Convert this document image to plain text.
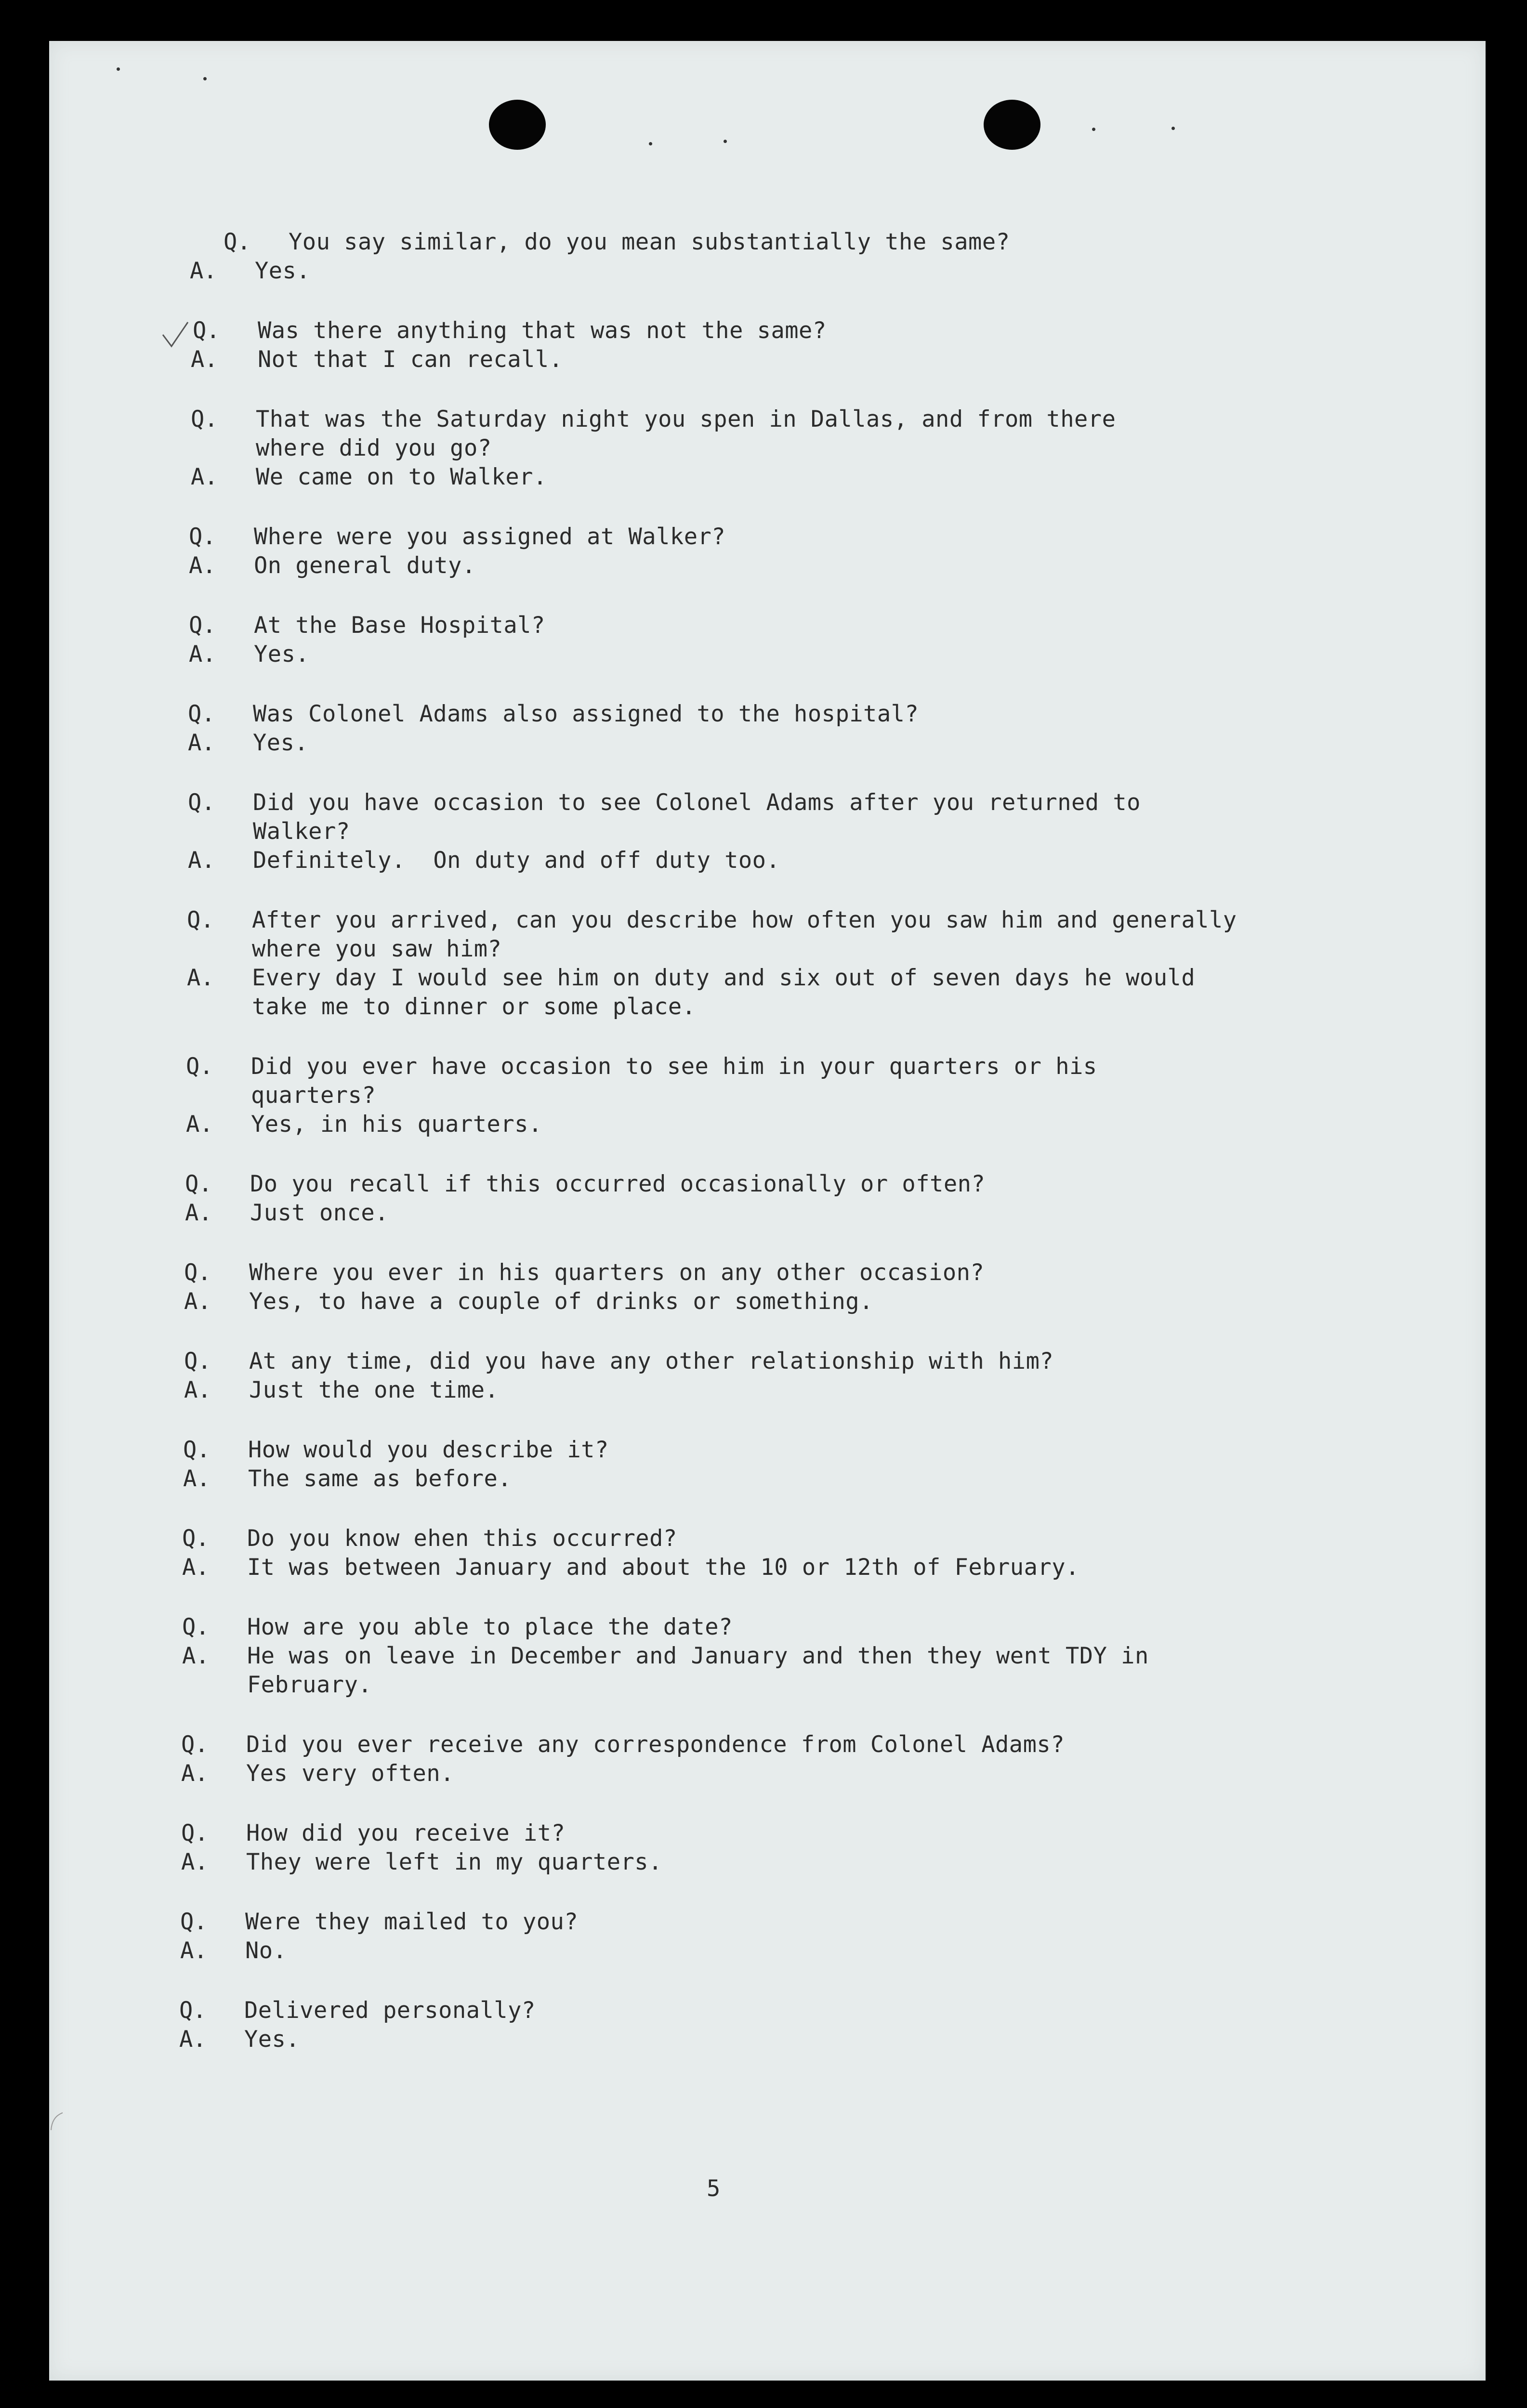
Q. You say similar, do you mean substantially the same?
A. Yes.
Q. Was there anything that was not the same?
A. Not that I can recall.
Q. That was the Saturday night you spen in Dallas, and from there
where did you go?
A. We came on to Walker.
Q. Where were you assigned at Walker?
A. On general duty.
Q. At the Base Hospital?
A. Yes.
Q. Was Colonel Adams also assigned to the hospital?
A. Yes.
Q. Did you have occasion to see Colonel Adams after you returned to
Walker?
A. Definitely.  On duty and off duty too.
Q. After you arrived, can you describe how often you saw him and generally
where you saw him?
A. Every day I would see him on duty and six out of seven days he would
take me to dinner or some place.
Q. Did you ever have occasion to see him in your quarters or his
quarters?
A. Yes, in his quarters.
Q. Do you recall if this occurred occasionally or often?
A. Just once.
Q. Where you ever in his quarters on any other occasion?
A. Yes, to have a couple of drinks or something.
Q. At any time, did you have any other relationship with him?
A. Just the one time.
Q. How would you describe it?
A. The same as before.
Q. Do you know ehen this occurred?
A. It was between January and about the 10 or 12th of February.
Q. How are you able to place the date?
A. He was on leave in December and January and then they went TDY in
February.
Q. Did you ever receive any correspondence from Colonel Adams?
A. Yes very often.
Q. How did you receive it?
A. They were left in my quarters.
Q. Were they mailed to you?
A. No.
Q. Delivered personally?
A. Yes.
5
